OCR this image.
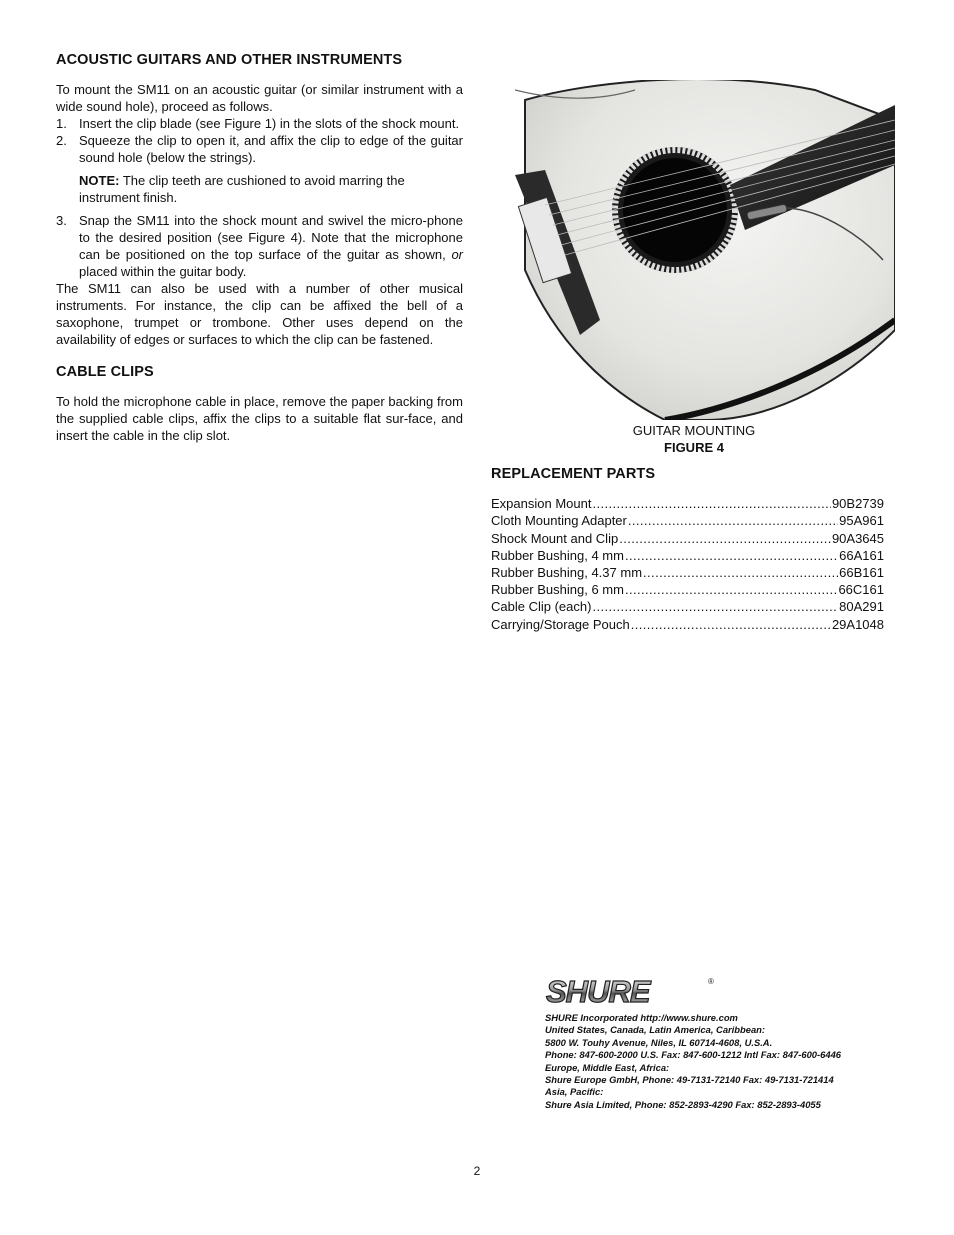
ACOUSTIC GUITARS AND OTHER INSTRUMENTS

To mount the SM11 on an acoustic guitar (or similar instrument with a wide sound hole), proceed as follows.

1. Insert the clip blade (see Figure 1) in the slots of the shock mount.
2. Squeeze the clip to open it, and affix the clip to edge of the guitar sound hole (below the strings).
NOTE: The clip teeth are cushioned to avoid marring the instrument finish.
3. Snap the SM11 into the shock mount and swivel the micro-phone to the desired position (see Figure 4). Note that the microphone can be positioned on the top surface of the guitar as shown, or placed within the guitar body.

The SM11 can also be used with a number of other musical instruments. For instance, the clip can be affixed the bell of a saxophone, trumpet or trombone. Other uses depend on the availability of edges or surfaces to which the clip can be fastened.

CABLE CLIPS

To hold the microphone cable in place, remove the paper backing from the supplied cable clips, affix the clips to a suitable flat sur-face, and insert the cable in the clip slot.	GUITAR MOUNTING
FIGURE 4
REPLACEMENT PARTS
Expansion Mount .....	90B2739
Cloth Mounting Adapter .....	95A961
Shock Mount and Clip .....	90A3645
Rubber Bushing, 4 mm .....	66A161
Rubber Bushing, 4.37 mm .....	66B161
Rubber Bushing, 6 mm .....	66C161
Cable Clip (each) .....	80A291
Carrying/Storage Pouch .....	29A1048
SHURE	®
SHURE Incorporated http://www.shure.com
United States, Canada, Latin America, Caribbean:
5800 W. Touhy Avenue, Niles, IL 60714-4608, U.S.A.
Phone: 847-600-2000 U.S. Fax: 847-600-1212 Intl Fax: 847-600-6446
Europe, Middle East, Africa:
Shure Europe GmbH, Phone: 49-7131-72140 Fax: 49-7131-721414
Asia, Pacific:
Shure Asia Limited, Phone: 852-2893-4290 Fax: 852-2893-4055
2
